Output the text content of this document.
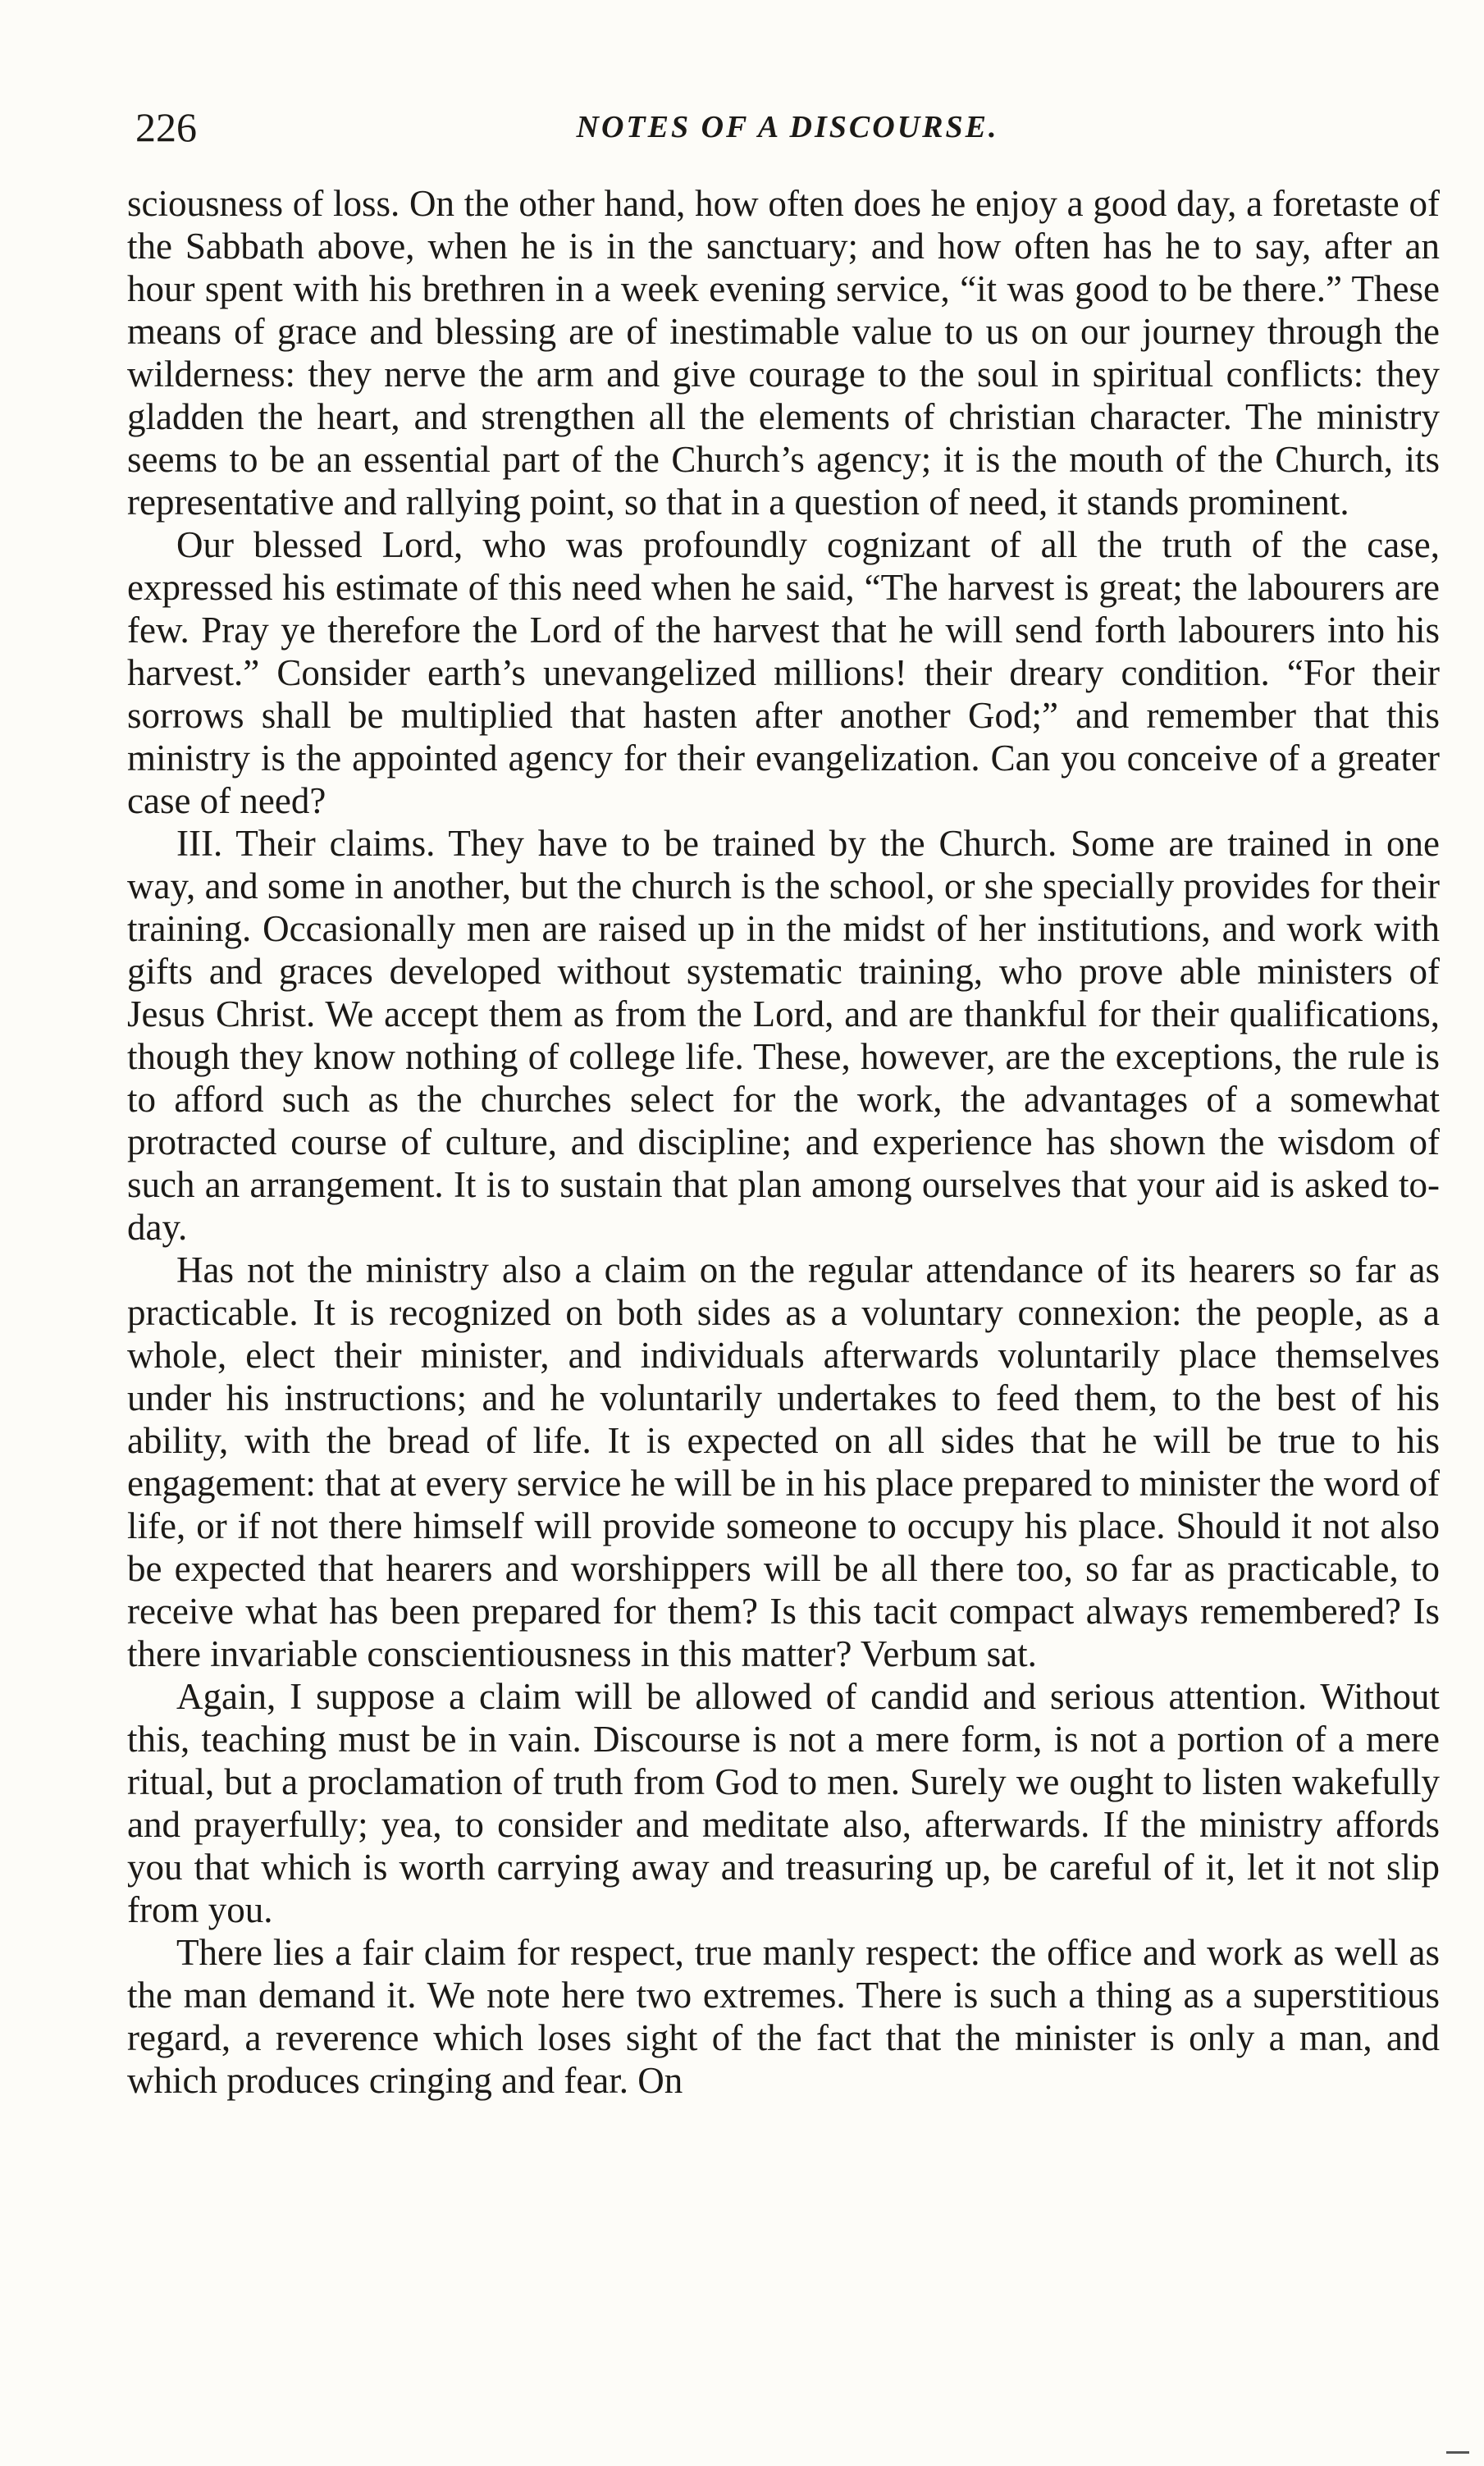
226	NOTES OF A DISCOURSE.

sciousness of loss. On the other hand, how often does he enjoy a good day, a foretaste of the Sabbath above, when he is in the sanctuary; and how often has he to say, after an hour spent with his brethren in a week evening service, “it was good to be there.” These means of grace and blessing are of inestimable value to us on our journey through the wilderness: they nerve the arm and give courage to the soul in spiritual conflicts: they gladden the heart, and strengthen all the elements of christian character. The ministry seems to be an essential part of the Church’s agency; it is the mouth of the Church, its representative and rallying point, so that in a question of need, it stands prominent.

Our blessed Lord, who was profoundly cognizant of all the truth of the case, expressed his estimate of this need when he said, “The harvest is great; the labourers are few. Pray ye therefore the Lord of the harvest that he will send forth labourers into his harvest.” Consider earth’s unevangelized millions! their dreary condition. “For their sorrows shall be multiplied that hasten after another God;” and remember that this ministry is the appointed agency for their evangelization. Can you conceive of a greater case of need?

III. Their claims. They have to be trained by the Church. Some are trained in one way, and some in another, but the church is the school, or she specially provides for their training. Occasionally men are raised up in the midst of her institutions, and work with gifts and graces developed without systematic training, who prove able ministers of Jesus Christ. We accept them as from the Lord, and are thankful for their qualifications, though they know nothing of college life. These, however, are the exceptions, the rule is to afford such as the churches select for the work, the advantages of a somewhat protracted course of culture, and discipline; and experience has shown the wisdom of such an arrangement. It is to sustain that plan among ourselves that your aid is asked to-day.

Has not the ministry also a claim on the regular attendance of its hearers so far as practicable. It is recognized on both sides as a voluntary connexion: the people, as a whole, elect their minister, and individuals afterwards voluntarily place themselves under his instructions; and he voluntarily undertakes to feed them, to the best of his ability, with the bread of life. It is expected on all sides that he will be true to his engagement: that at every service he will be in his place prepared to minister the word of life, or if not there himself will provide someone to occupy his place. Should it not also be expected that hearers and worshippers will be all there too, so far as practicable, to receive what has been prepared for them? Is this tacit compact always remembered? Is there invariable conscientiousness in this matter? Verbum sat.

Again, I suppose a claim will be allowed of candid and serious attention. Without this, teaching must be in vain. Discourse is not a mere form, is not a portion of a mere ritual, but a proclamation of truth from God to men. Surely we ought to listen wakefully and prayerfully; yea, to consider and meditate also, afterwards. If the ministry affords you that which is worth carrying away and treasuring up, be careful of it, let it not slip from you.

There lies a fair claim for respect, true manly respect: the office and work as well as the man demand it. We note here two extremes. There is such a thing as a superstitious regard, a reverence which loses sight of the fact that the minister is only a man, and which produces cringing and fear. On
